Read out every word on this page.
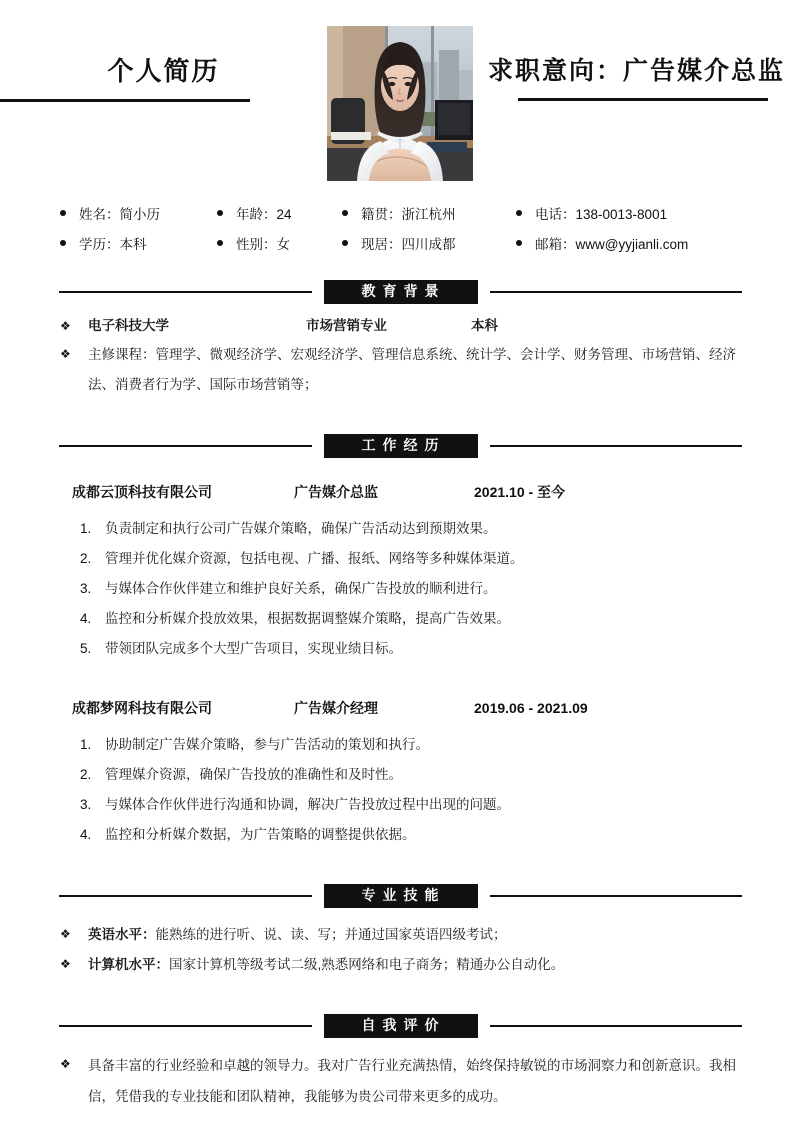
个人简历	求职意向：广告媒介总监
姓名：简小历	年龄：24	籍贯：浙江杭州	电话：138-0013-8001
学历：本科	性别：女	现居：四川成都	邮箱：www@yyjianli.com
教育背景
❖ 电子科技大学	市场营销专业	本科
❖ 主修课程：管理学、微观经济学、宏观经济学、管理信息系统、统计学、会计学、财务管理、市场营销、经济法、消费者行为学、国际市场营销等；
工作经历
成都云顶科技有限公司	广告媒介总监	2021.10 - 至今
1.	负责制定和执行公司广告媒介策略，确保广告活动达到预期效果。
2.	管理并优化媒介资源，包括电视、广播、报纸、网络等多种媒体渠道。
3.	与媒体合作伙伴建立和维护良好关系，确保广告投放的顺利进行。
4.	监控和分析媒介投放效果，根据数据调整媒介策略，提高广告效果。
5.	带领团队完成多个大型广告项目，实现业绩目标。
成都梦网科技有限公司	广告媒介经理	2019.06 - 2021.09
1.	协助制定广告媒介策略，参与广告活动的策划和执行。
2.	管理媒介资源，确保广告投放的准确性和及时性。
3.	与媒体合作伙伴进行沟通和协调，解决广告投放过程中出现的问题。
4.	监控和分析媒介数据，为广告策略的调整提供依据。
专业技能
❖ 英语水平：能熟练的进行听、说、读、写；并通过国家英语四级考试；
❖ 计算机水平：国家计算机等级考试二级,熟悉网络和电子商务；精通办公自动化。
自我评价
❖ 具备丰富的行业经验和卓越的领导力。我对广告行业充满热情，始终保持敏锐的市场洞察力和创新意识。我相信，凭借我的专业技能和团队精神，我能够为贵公司带来更多的成功。
